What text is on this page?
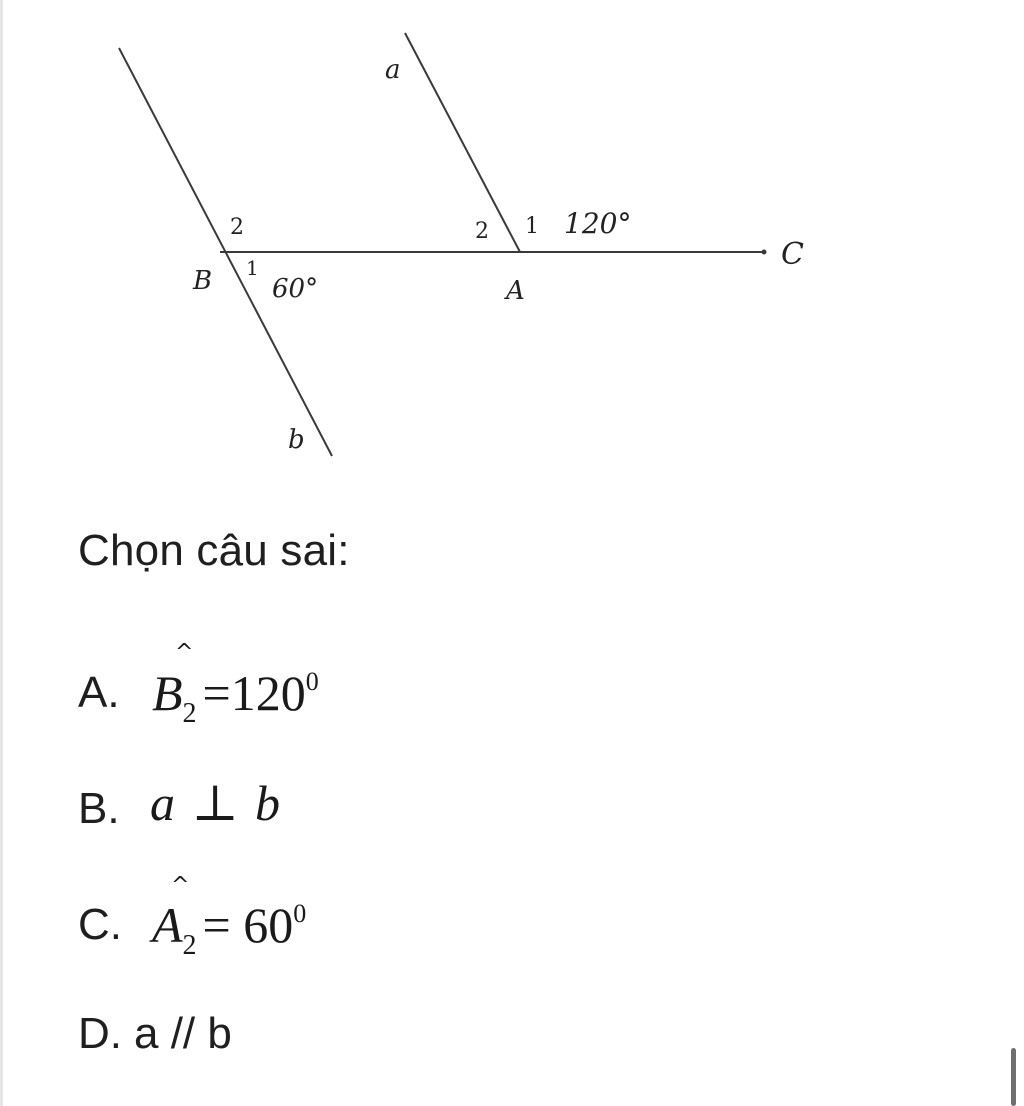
a
b
B	A
C
2
1
60°
2 1 120°
Chọn câu sai:
A.
^
$B_2 =120^0$
B. a ⊥ b
C.
^
$A_2 = 60^0$
D. a // b
